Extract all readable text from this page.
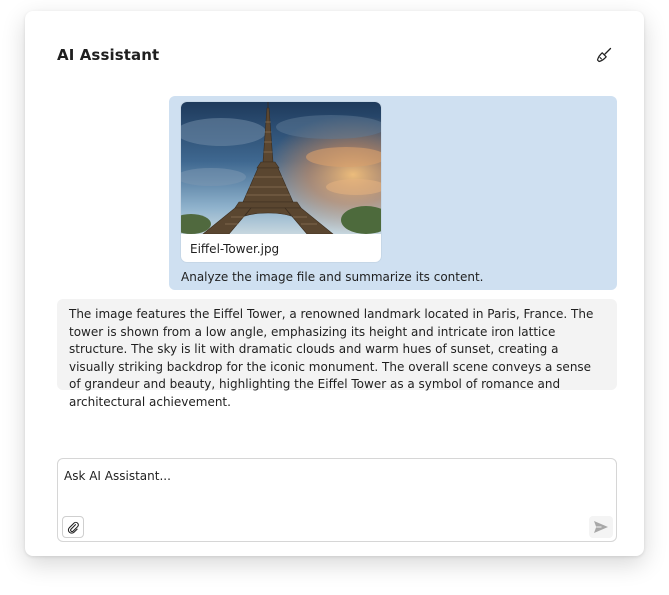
AI Assistant
Eiffel-Tower.jpg
Analyze the image file and summarize its content.
The image features the Eiffel Tower, a renowned landmark located in Paris, France. The tower is shown from a low angle, emphasizing its height and intricate iron lattice structure. The sky is lit with dramatic clouds and warm hues of sunset, creating a visually striking backdrop for the iconic monument. The overall scene conveys a sense of grandeur and beauty, highlighting the Eiffel Tower as a symbol of romance and architectural achievement.
Ask AI Assistant...
